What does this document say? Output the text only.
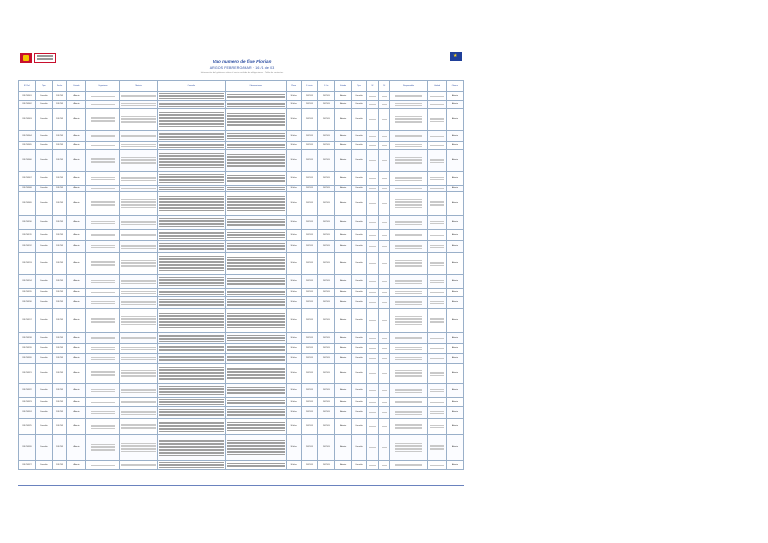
★
Vao numero de fixe Florian
ARGOS FEBRERO/MAR · 16 /1 de 03
Información del gobierno sobre el vacio recibido de obligaciones · Tabla de contactos
Nº Ref.	Tipo	Fecha	Estado	Organismo	Materia	Consulta	Observaciones	Plazo	F. inicio	F. fin	Estado	Tipo	Nº	Nº	Responsable	Unidad	Observ.
2017/03/01	Consulta	2017/03	Abierto					30 días	2017/03	2017/03	Abierto	Consulta					Abierto
2017/03/02	Consulta	2017/03	Abierto					30 días	2017/03	2017/03	Abierto	Consulta					Abierto
2017/03/03	Consulta	2017/03	Abierto					30 días	2017/03	2017/03	Abierto	Consulta					Abierto
2017/03/04	Consulta	2017/03	Abierto					30 días	2017/03	2017/03	Abierto	Consulta					Abierto
2017/03/05	Consulta	2017/03	Abierto					30 días	2017/03	2017/03	Abierto	Consulta					Abierto
2017/03/06	Consulta	2017/03	Abierto					30 días	2017/03	2017/03	Abierto	Consulta					Abierto
2017/03/07	Consulta	2017/03	Abierto					30 días	2017/03	2017/03	Abierto	Consulta					Abierto
2017/03/08	Consulta	2017/03	Abierto					30 días	2017/03	2017/03	Abierto	Consulta					Abierto
2017/03/09	Consulta	2017/03	Abierto					30 días	2017/03	2017/03	Abierto	Consulta					Abierto
2017/03/10	Consulta	2017/03	Abierto					30 días	2017/03	2017/03	Abierto	Consulta					Abierto
2017/03/11	Consulta	2017/03	Abierto					30 días	2017/03	2017/03	Abierto	Consulta					Abierto
2017/03/12	Consulta	2017/03	Abierto					30 días	2017/03	2017/03	Abierto	Consulta					Abierto
2017/03/13	Consulta	2017/03	Abierto					30 días	2017/03	2017/03	Abierto	Consulta					Abierto
2017/03/14	Consulta	2017/03	Abierto					30 días	2017/03	2017/03	Abierto	Consulta					Abierto
2017/03/15	Consulta	2017/03	Abierto					30 días	2017/03	2017/03	Abierto	Consulta					Abierto
2017/03/16	Consulta	2017/03	Abierto					30 días	2017/03	2017/03	Abierto	Consulta					Abierto
2017/03/17	Consulta	2017/03	Abierto					30 días	2017/03	2017/03	Abierto	Consulta					Abierto
2017/03/18	Consulta	2017/03	Abierto					30 días	2017/03	2017/03	Abierto	Consulta					Abierto
2017/03/19	Consulta	2017/03	Abierto					30 días	2017/03	2017/03	Abierto	Consulta					Abierto
2017/03/20	Consulta	2017/03	Abierto					30 días	2017/03	2017/03	Abierto	Consulta					Abierto
2017/03/21	Consulta	2017/03	Abierto					30 días	2017/03	2017/03	Abierto	Consulta					Abierto
2017/03/22	Consulta	2017/03	Abierto					30 días	2017/03	2017/03	Abierto	Consulta					Abierto
2017/03/23	Consulta	2017/03	Abierto					30 días	2017/03	2017/03	Abierto	Consulta					Abierto
2017/03/24	Consulta	2017/03	Abierto					30 días	2017/03	2017/03	Abierto	Consulta					Abierto
2017/03/25	Consulta	2017/03	Abierto					30 días	2017/03	2017/03	Abierto	Consulta					Abierto
2017/03/26	Consulta	2017/03	Abierto					30 días	2017/03	2017/03	Abierto	Consulta					Abierto
2017/03/27	Consulta	2017/03	Abierto					30 días	2017/03	2017/03	Abierto	Consulta					Abierto
